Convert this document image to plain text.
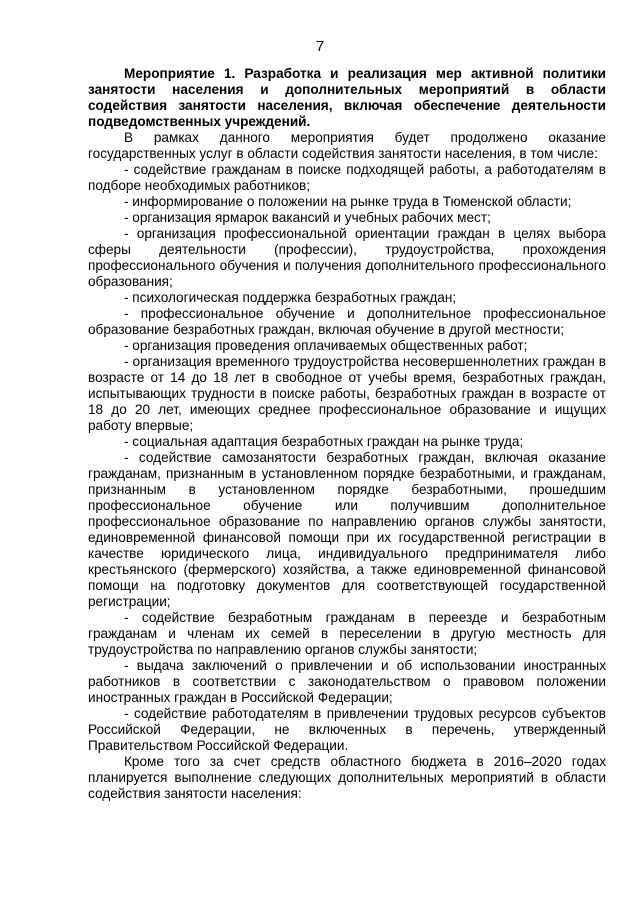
7

Мероприятие 1. Разработка и реализация мер активной политики занятости населения и дополнительных мероприятий в области содействия занятости населения, включая обеспечение деятельности подведомственных учреждений.

В рамках данного мероприятия будет продолжено оказание государственных услуг в области содействия занятости населения, в том числе:

- содействие гражданам в поиске подходящей работы, а работодателям в подборе необходимых работников;

- информирование о положении на рынке труда в Тюменской области;

- организация ярмарок вакансий и учебных рабочих мест;

- организация профессиональной ориентации граждан в целях выбора сферы деятельности (профессии), трудоустройства, прохождения профессионального обучения и получения дополнительного профессионального образования;

- психологическая поддержка безработных граждан;

- профессиональное обучение и дополнительное профессиональное образование безработных граждан, включая обучение в другой местности;

- организация проведения оплачиваемых общественных работ;

- организация временного трудоустройства несовершеннолетних граждан в возрасте от 14 до 18 лет в свободное от учебы время, безработных граждан, испытывающих трудности в поиске работы, безработных граждан в возрасте от 18 до 20 лет, имеющих среднее профессиональное образование и ищущих работу впервые;

- социальная адаптация безработных граждан на рынке труда;

- содействие самозанятости безработных граждан, включая оказание гражданам, признанным в установленном порядке безработными, и гражданам, признанным в установленном порядке безработными, прошедшим профессиональное обучение или получившим дополнительное профессиональное образование по направлению органов службы занятости, единовременной финансовой помощи при их государственной регистрации в качестве юридического лица, индивидуального предпринимателя либо крестьянского (фермерского) хозяйства, а также единовременной финансовой помощи на подготовку документов для соответствующей государственной регистрации;

- содействие безработным гражданам в переезде и безработным гражданам и членам их семей в переселении в другую местность для трудоустройства по направлению органов службы занятости;

- выдача заключений о привлечении и об использовании иностранных работников в соответствии с законодательством о правовом положении иностранных граждан в Российской Федерации;

- содействие работодателям в привлечении трудовых ресурсов субъектов Российской Федерации, не включенных в перечень, утвержденный Правительством Российской Федерации.

Кроме того за счет средств областного бюджета в 2016–2020 годах планируется выполнение следующих дополнительных мероприятий в области содействия занятости населения:
